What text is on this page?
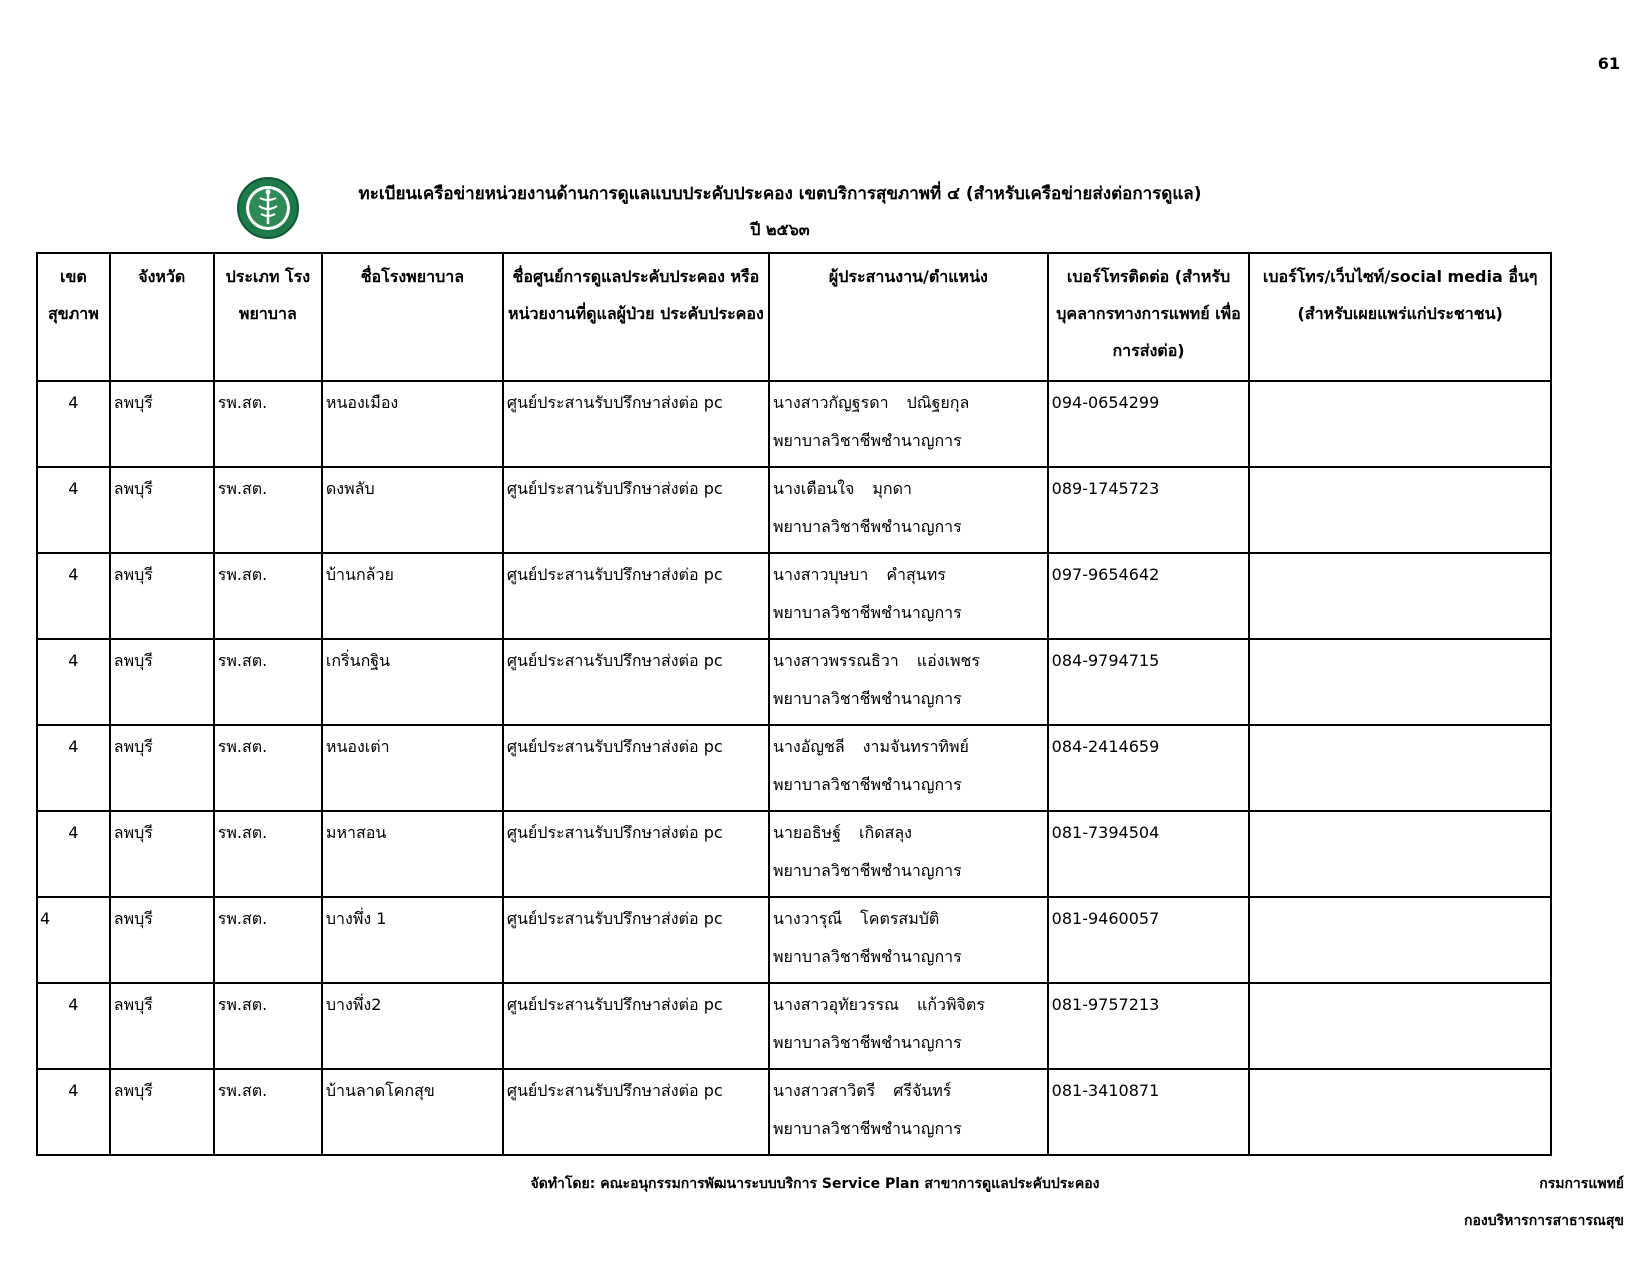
61
ทะเบียนเครือข่ายหน่วยงานด้านการดูแลแบบประคับประคอง เขตบริการสุขภาพที่ ๔ (สำหรับเครือข่ายส่งต่อการดูแล)
ปี ๒๕๖๓
เขต สุขภาพ	จังหวัด	ประเภท โรงพยาบาล	ชื่อโรงพยาบาล	ชื่อศูนย์การดูแลประคับประคอง หรือ หน่วยงานที่ดูแลผู้ป่วย ประคับประคอง	ผู้ประสานงาน/ตำแหน่ง	เบอร์โทรติดต่อ (สำหรับ บุคลากรทางการแพทย์ เพื่อการส่งต่อ)	เบอร์โทร/เว็บไซท์/social media อื่นๆ (สำหรับเผยแพร่แก่ประชาชน)
4	ลพบุรี	รพ.สต.	หนองเมือง	ศูนย์ประสานรับปรึกษาส่งต่อ pc	นางสาวกัญฐรดา ปณิฐยกุล
พยาบาลวิชาชีพชำนาญการ	094-0654299	
4	ลพบุรี	รพ.สต.	ดงพลับ	ศูนย์ประสานรับปรึกษาส่งต่อ pc	นางเตือนใจ มุกดา
พยาบาลวิชาชีพชำนาญการ	089-1745723	
4	ลพบุรี	รพ.สต.	บ้านกล้วย	ศูนย์ประสานรับปรึกษาส่งต่อ pc	นางสาวบุษบา คำสุนทร
พยาบาลวิชาชีพชำนาญการ	097-9654642	
4	ลพบุรี	รพ.สต.	เกริ่นกฐิน	ศูนย์ประสานรับปรึกษาส่งต่อ pc	นางสาวพรรณธิวา แอ่งเพชร
พยาบาลวิชาชีพชำนาญการ	084-9794715	
4	ลพบุรี	รพ.สต.	หนองเต่า	ศูนย์ประสานรับปรึกษาส่งต่อ pc	นางอัญชลี งามจันทราทิพย์
พยาบาลวิชาชีพชำนาญการ	084-2414659	
4	ลพบุรี	รพ.สต.	มหาสอน	ศูนย์ประสานรับปรึกษาส่งต่อ pc	นายอธิษฐ์ เกิดสลุง
พยาบาลวิชาชีพชำนาญการ	081-7394504	
4	ลพบุรี	รพ.สต.	บางพึ่ง 1	ศูนย์ประสานรับปรึกษาส่งต่อ pc	นางวารุณี โคตรสมบัติ
พยาบาลวิชาชีพชำนาญการ	081-9460057	
4	ลพบุรี	รพ.สต.	บางพึ่ง2	ศูนย์ประสานรับปรึกษาส่งต่อ pc	นางสาวอุทัยวรรณ แก้วพิจิตร
พยาบาลวิชาชีพชำนาญการ	081-9757213	
4	ลพบุรี	รพ.สต.	บ้านลาดโคกสุข	ศูนย์ประสานรับปรึกษาส่งต่อ pc	นางสาวสาวิตรี ศรีจันทร์
พยาบาลวิชาชีพชำนาญการ	081-3410871	
จัดทำโดย: คณะอนุกรรมการพัฒนาระบบบริการ Service Plan สาขาการดูแลประคับประคอง	กรมการแพทย์
กองบริหารการสาธารณสุข
